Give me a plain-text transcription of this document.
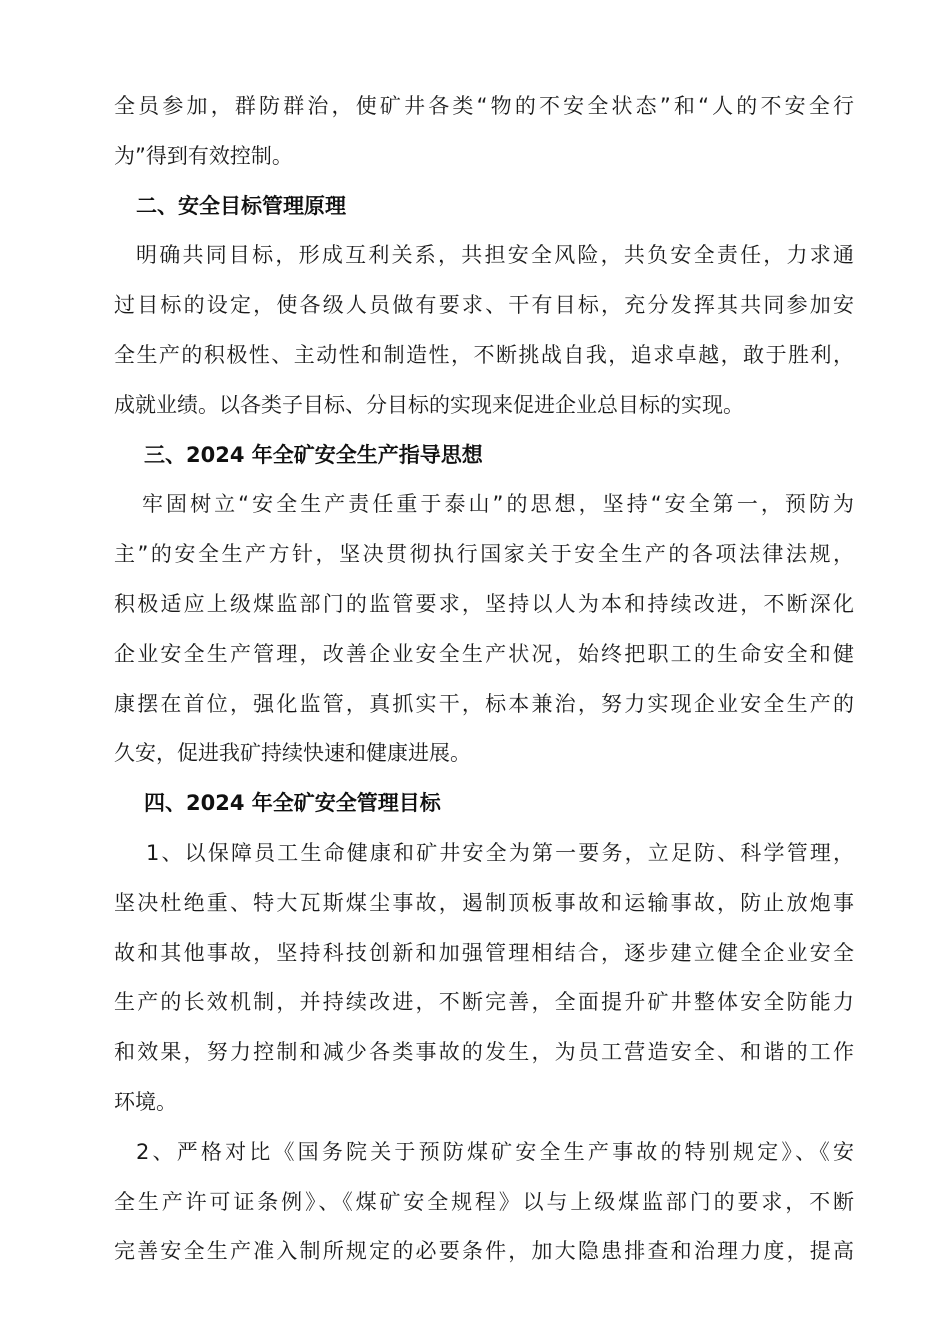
全员参加，群防群治，使矿井各类“物的不安全状态”和“人的不安全行
为”得到有效控制。
二、安全目标管理原理
明确共同目标，形成互利关系，共担安全风险，共负安全责任，力求通
过目标的设定，使各级人员做有要求、干有目标，充分发挥其共同参加安
全生产的积极性、主动性和制造性，不断挑战自我，追求卓越，敢于胜利，
成就业绩。以各类子目标、分目标的实现来促进企业总目标的实现。
三、2024 年全矿安全生产指导思想
牢固树立“安全生产责任重于泰山”的思想，坚持“安全第一，预防为
主”的安全生产方针，坚决贯彻执行国家关于安全生产的各项法律法规，
积极适应上级煤监部门的监管要求，坚持以人为本和持续改进，不断深化
企业安全生产管理，改善企业安全生产状况，始终把职工的生命安全和健
康摆在首位，强化监管，真抓实干，标本兼治，努力实现企业安全生产的
久安，促进我矿持续快速和健康进展。
四、2024 年全矿安全管理目标
1、以保障员工生命健康和矿井安全为第一要务，立足防、科学管理，
坚决杜绝重、特大瓦斯煤尘事故，遏制顶板事故和运输事故，防止放炮事
故和其他事故，坚持科技创新和加强管理相结合，逐步建立健全企业安全
生产的长效机制，并持续改进，不断完善，全面提升矿井整体安全防能力
和效果，努力控制和减少各类事故的发生，为员工营造安全、和谐的工作
环境。
2、严格对比《国务院关于预防煤矿安全生产事故的特别规定》、《安
全生产许可证条例》、《煤矿安全规程》以与上级煤监部门的要求，不断
完善安全生产准入制所规定的必要条件，加大隐患排查和治理力度，提高
